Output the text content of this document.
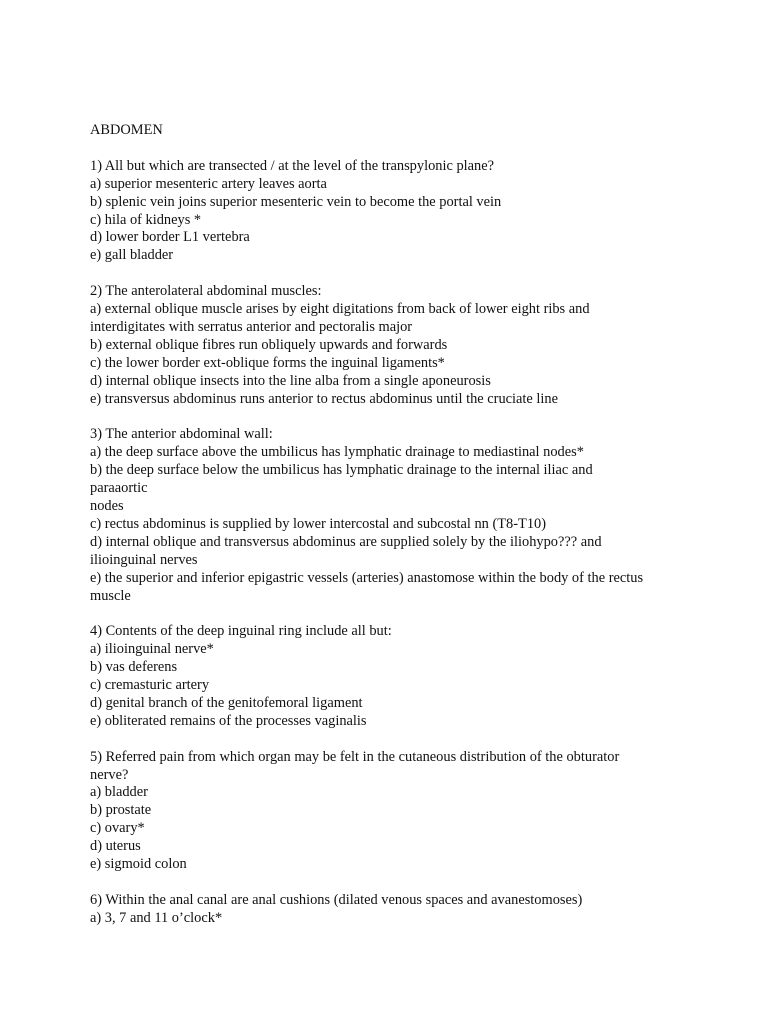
ABDOMEN
1) All but which are transected / at the level of the transpylonic plane?
a) superior mesenteric artery leaves aorta
b) splenic vein joins superior mesenteric vein to become the portal vein
c) hila of kidneys *
d) lower border L1 vertebra
e) gall bladder
2) The anterolateral abdominal muscles:
a) external oblique muscle arises by eight digitations from back of lower eight ribs and
interdigitates with serratus anterior and pectoralis major
b) external oblique fibres run obliquely upwards and forwards
c) the lower border ext-oblique forms the inguinal ligaments*
d) internal oblique insects into the line alba from a single aponeurosis
e) transversus abdominus runs anterior to rectus abdominus until the cruciate line
3) The anterior abdominal wall:
a) the deep surface above the umbilicus has lymphatic drainage to mediastinal nodes*
b) the deep surface below the umbilicus has lymphatic drainage to the internal iliac and
paraaortic
nodes
c) rectus abdominus is supplied by lower intercostal and subcostal nn (T8-T10)
d) internal oblique and transversus abdominus are supplied solely by the iliohypo??? and
ilioinguinal nerves
e) the superior and inferior epigastric vessels (arteries) anastomose within the body of the rectus
muscle
4) Contents of the deep inguinal ring include all but:
a) ilioinguinal nerve*
b) vas deferens
c) cremasturic artery
d) genital branch of the genitofemoral ligament
e) obliterated remains of the processes vaginalis
5) Referred pain from which organ may be felt in the cutaneous distribution of the obturator
nerve?
a) bladder
b) prostate
c) ovary*
d) uterus
e) sigmoid colon
6) Within the anal canal are anal cushions (dilated venous spaces and avanestomoses)
a) 3, 7 and 11 o’clock*
